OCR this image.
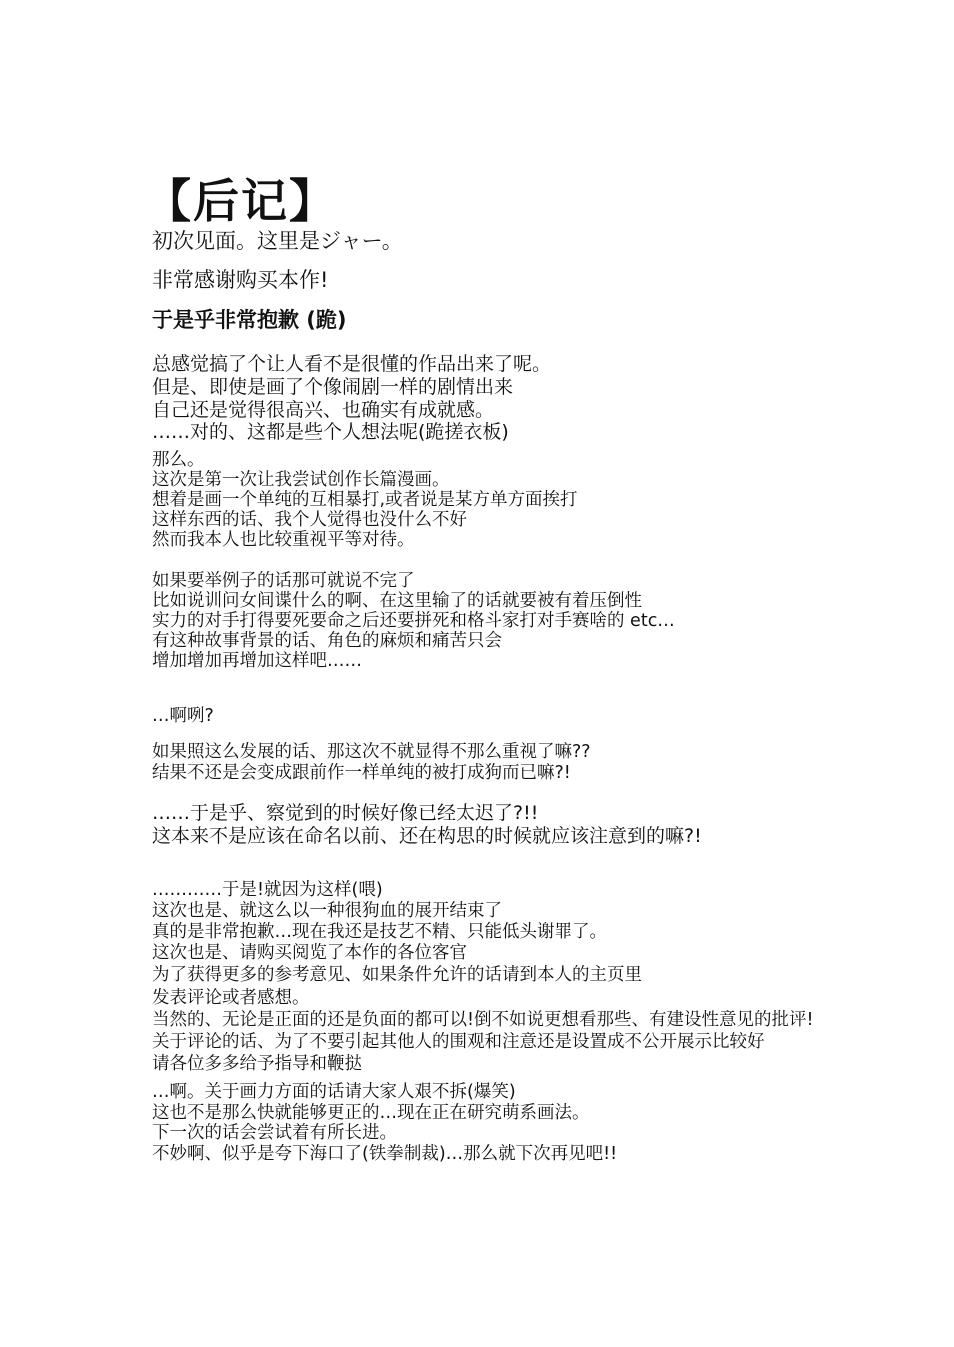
【后记】
初次见面。这里是ジャー。
非常感谢购买本作!
于是乎非常抱歉 (跪)
总感觉搞了个让人看不是很懂的作品出来了呢。
但是、即使是画了个像闹剧一样的剧情出来
自己还是觉得很高兴、也确实有成就感。
……对的、这都是些个人想法呢(跪搓衣板)
那么。
这次是第一次让我尝试创作长篇漫画。
想着是画一个单纯的互相暴打,或者说是某方单方面挨打
这样东西的话、我个人觉得也没什么不好
然而我本人也比较重视平等对待。
如果要举例子的话那可就说不完了
比如说训问女间谍什么的啊、在这里输了的话就要被有着压倒性
实力的对手打得要死要命之后还要拼死和格斗家打对手赛啥的 etc…
有这种故事背景的话、角色的麻烦和痛苦只会
增加增加再增加这样吧……
…啊咧?
如果照这么发展的话、那这次不就显得不那么重视了嘛??
结果不还是会变成跟前作一样单纯的被打成狗而已嘛?!
……于是乎、察觉到的时候好像已经太迟了?!!
这本来不是应该在命名以前、还在构思的时候就应该注意到的嘛?!
…………于是!就因为这样(喂)
这次也是、就这么以一种很狗血的展开结束了
真的是非常抱歉…现在我还是技艺不精、只能低头谢罪了。
这次也是、请购买阅览了本作的各位客官
为了获得更多的参考意见、如果条件允许的话请到本人的主页里
发表评论或者感想。
当然的、无论是正面的还是负面的都可以!倒不如说更想看那些、有建设性意见的批评!
关于评论的话、为了不要引起其他人的围观和注意还是设置成不公开展示比较好
请各位多多给予指导和鞭挞
…啊。关于画力方面的话请大家人艰不拆(爆笑)
这也不是那么快就能够更正的…现在正在研究萌系画法。
下一次的话会尝试着有所长进。
不妙啊、似乎是夸下海口了(铁拳制裁)…那么就下次再见吧!!
